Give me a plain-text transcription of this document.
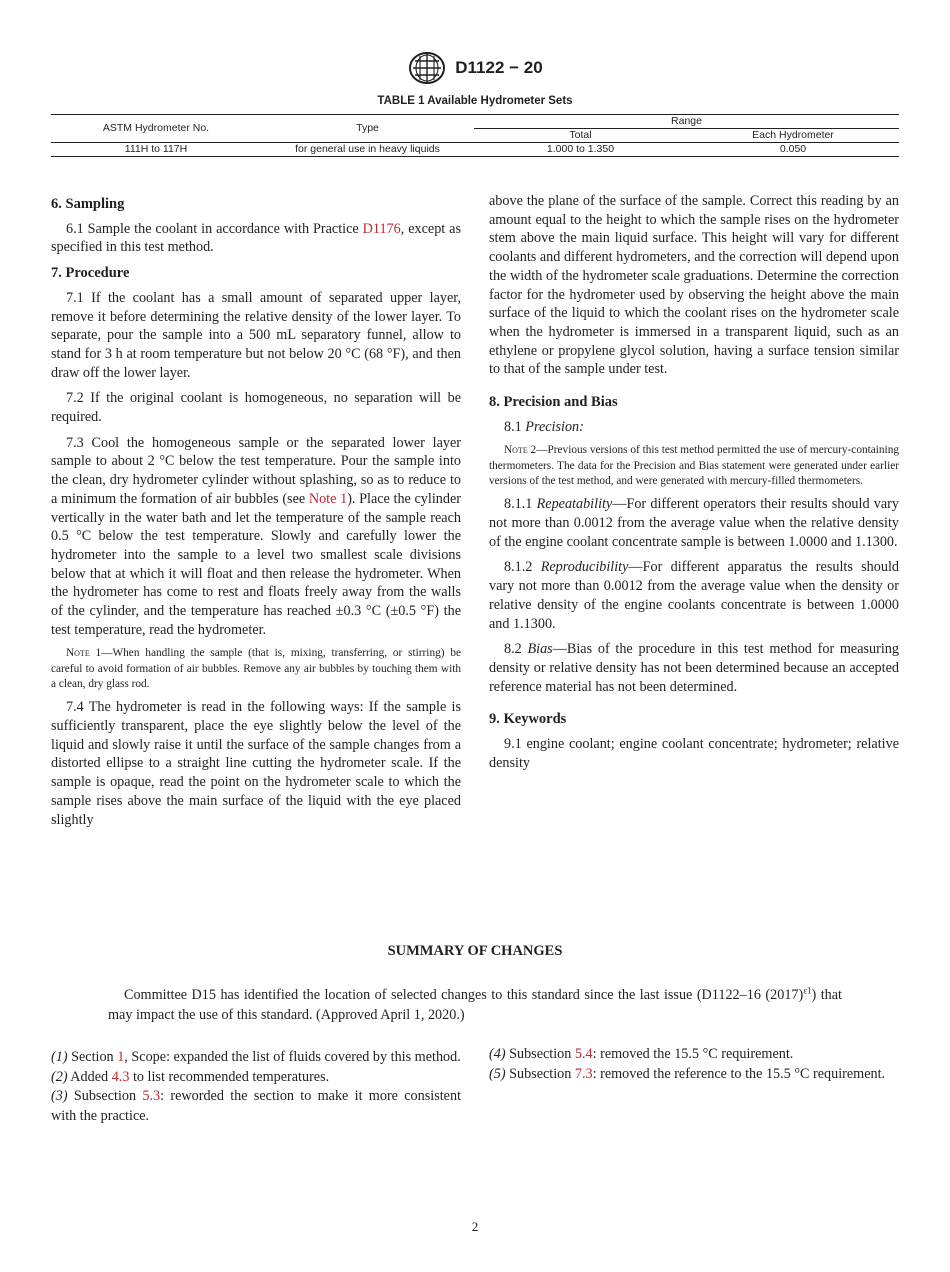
D1122 − 20
TABLE 1 Available Hydrometer Sets
ASTM Hydrometer No.	Type	Range	
		Total	Each Hydrometer
111H to 117H	for general use in heavy liquids	1.000 to 1.350	0.050
6. Sampling

6.1 Sample the coolant in accordance with Practice D1176, except as specified in this test method.

7. Procedure

7.1 If the coolant has a small amount of separated upper layer, remove it before determining the relative density of the lower layer. To separate, pour the sample into a 500 mL separatory funnel, allow to stand for 3 h at room temperature but not below 20 °C (68 °F), and then draw off the lower layer.

7.2 If the original coolant is homogeneous, no separation will be required.

7.3 Cool the homogeneous sample or the separated lower layer sample to about 2 °C below the test temperature. Pour the sample into the clean, dry hydrometer cylinder without splashing, so as to reduce to a minimum the formation of air bubbles (see Note 1). Place the cylinder vertically in the water bath and let the temperature of the sample reach 0.5 °C below the test temperature. Slowly and carefully lower the hydrometer into the sample to a level two smallest scale divisions below that at which it will float and then release the hydrometer. When the hydrometer has come to rest and floats freely away from the walls of the cylinder, and the temperature has reached ±0.3 °C (±0.5 °F) the test temperature, read the hydrometer.

Note 1—When handling the sample (that is, mixing, transferring, or stirring) be careful to avoid formation of air bubbles. Remove any air bubbles by touching them with a clean, dry glass rod.

7.4 The hydrometer is read in the following ways: If the sample is sufficiently transparent, place the eye slightly below the level of the liquid and slowly raise it until the surface of the sample changes from a distorted ellipse to a straight line cutting the hydrometer scale. If the sample is opaque, read the point on the hydrometer scale to which the sample rises above the main surface of the liquid with the eye placed slightly

above the plane of the surface of the sample. Correct this reading by an amount equal to the height to which the sample rises on the hydrometer stem above the main liquid surface. This height will vary for different coolants and different hydrometers, and the correction will depend upon the width of the hydrometer scale graduations. Determine the correction factor for the hydrometer used by observing the height above the main surface of the liquid to which the coolant rises on the hydrometer scale when the hydrometer is immersed in a transparent liquid, such as an ethylene or propylene glycol solution, having a surface tension similar to that of the sample under test.

8. Precision and Bias

8.1 Precision:

Note 2—Previous versions of this test method permitted the use of mercury-containing thermometers. The data for the Precision and Bias statement were generated under earlier versions of the test method, and were generated with mercury-filled thermometers.

8.1.1 Repeatability—For different operators their results should vary not more than 0.0012 from the average value when the relative density of the engine coolant concentrate sample is between 1.0000 and 1.1300.

8.1.2 Reproducibility—For different apparatus the results should vary not more than 0.0012 from the average value when the density or relative density of the engine coolants concentrate is between 1.0000 and 1.1300.

8.2 Bias—Bias of the procedure in this test method for measuring density or relative density has not been determined because an accepted reference material has not been determined.

9. Keywords

9.1 engine coolant; engine coolant concentrate; hydrometer; relative density

SUMMARY OF CHANGES
Committee D15 has identified the location of selected changes to this standard since the last issue (D1122–16 $(2017)^{\varepsilon 1}$) that may impact the use of this standard. (Approved April 1, 2020.)
(1) Section 1, Scope: expanded the list of fluids covered by this method.
(2) Added 4.3 to list recommended temperatures.
(3) Subsection 5.3: reworded the section to make it more consistent with the practice.
(4) Subsection 5.4: removed the 15.5 °C requirement.
(5) Subsection 7.3: removed the reference to the 15.5 °C requirement.
2
